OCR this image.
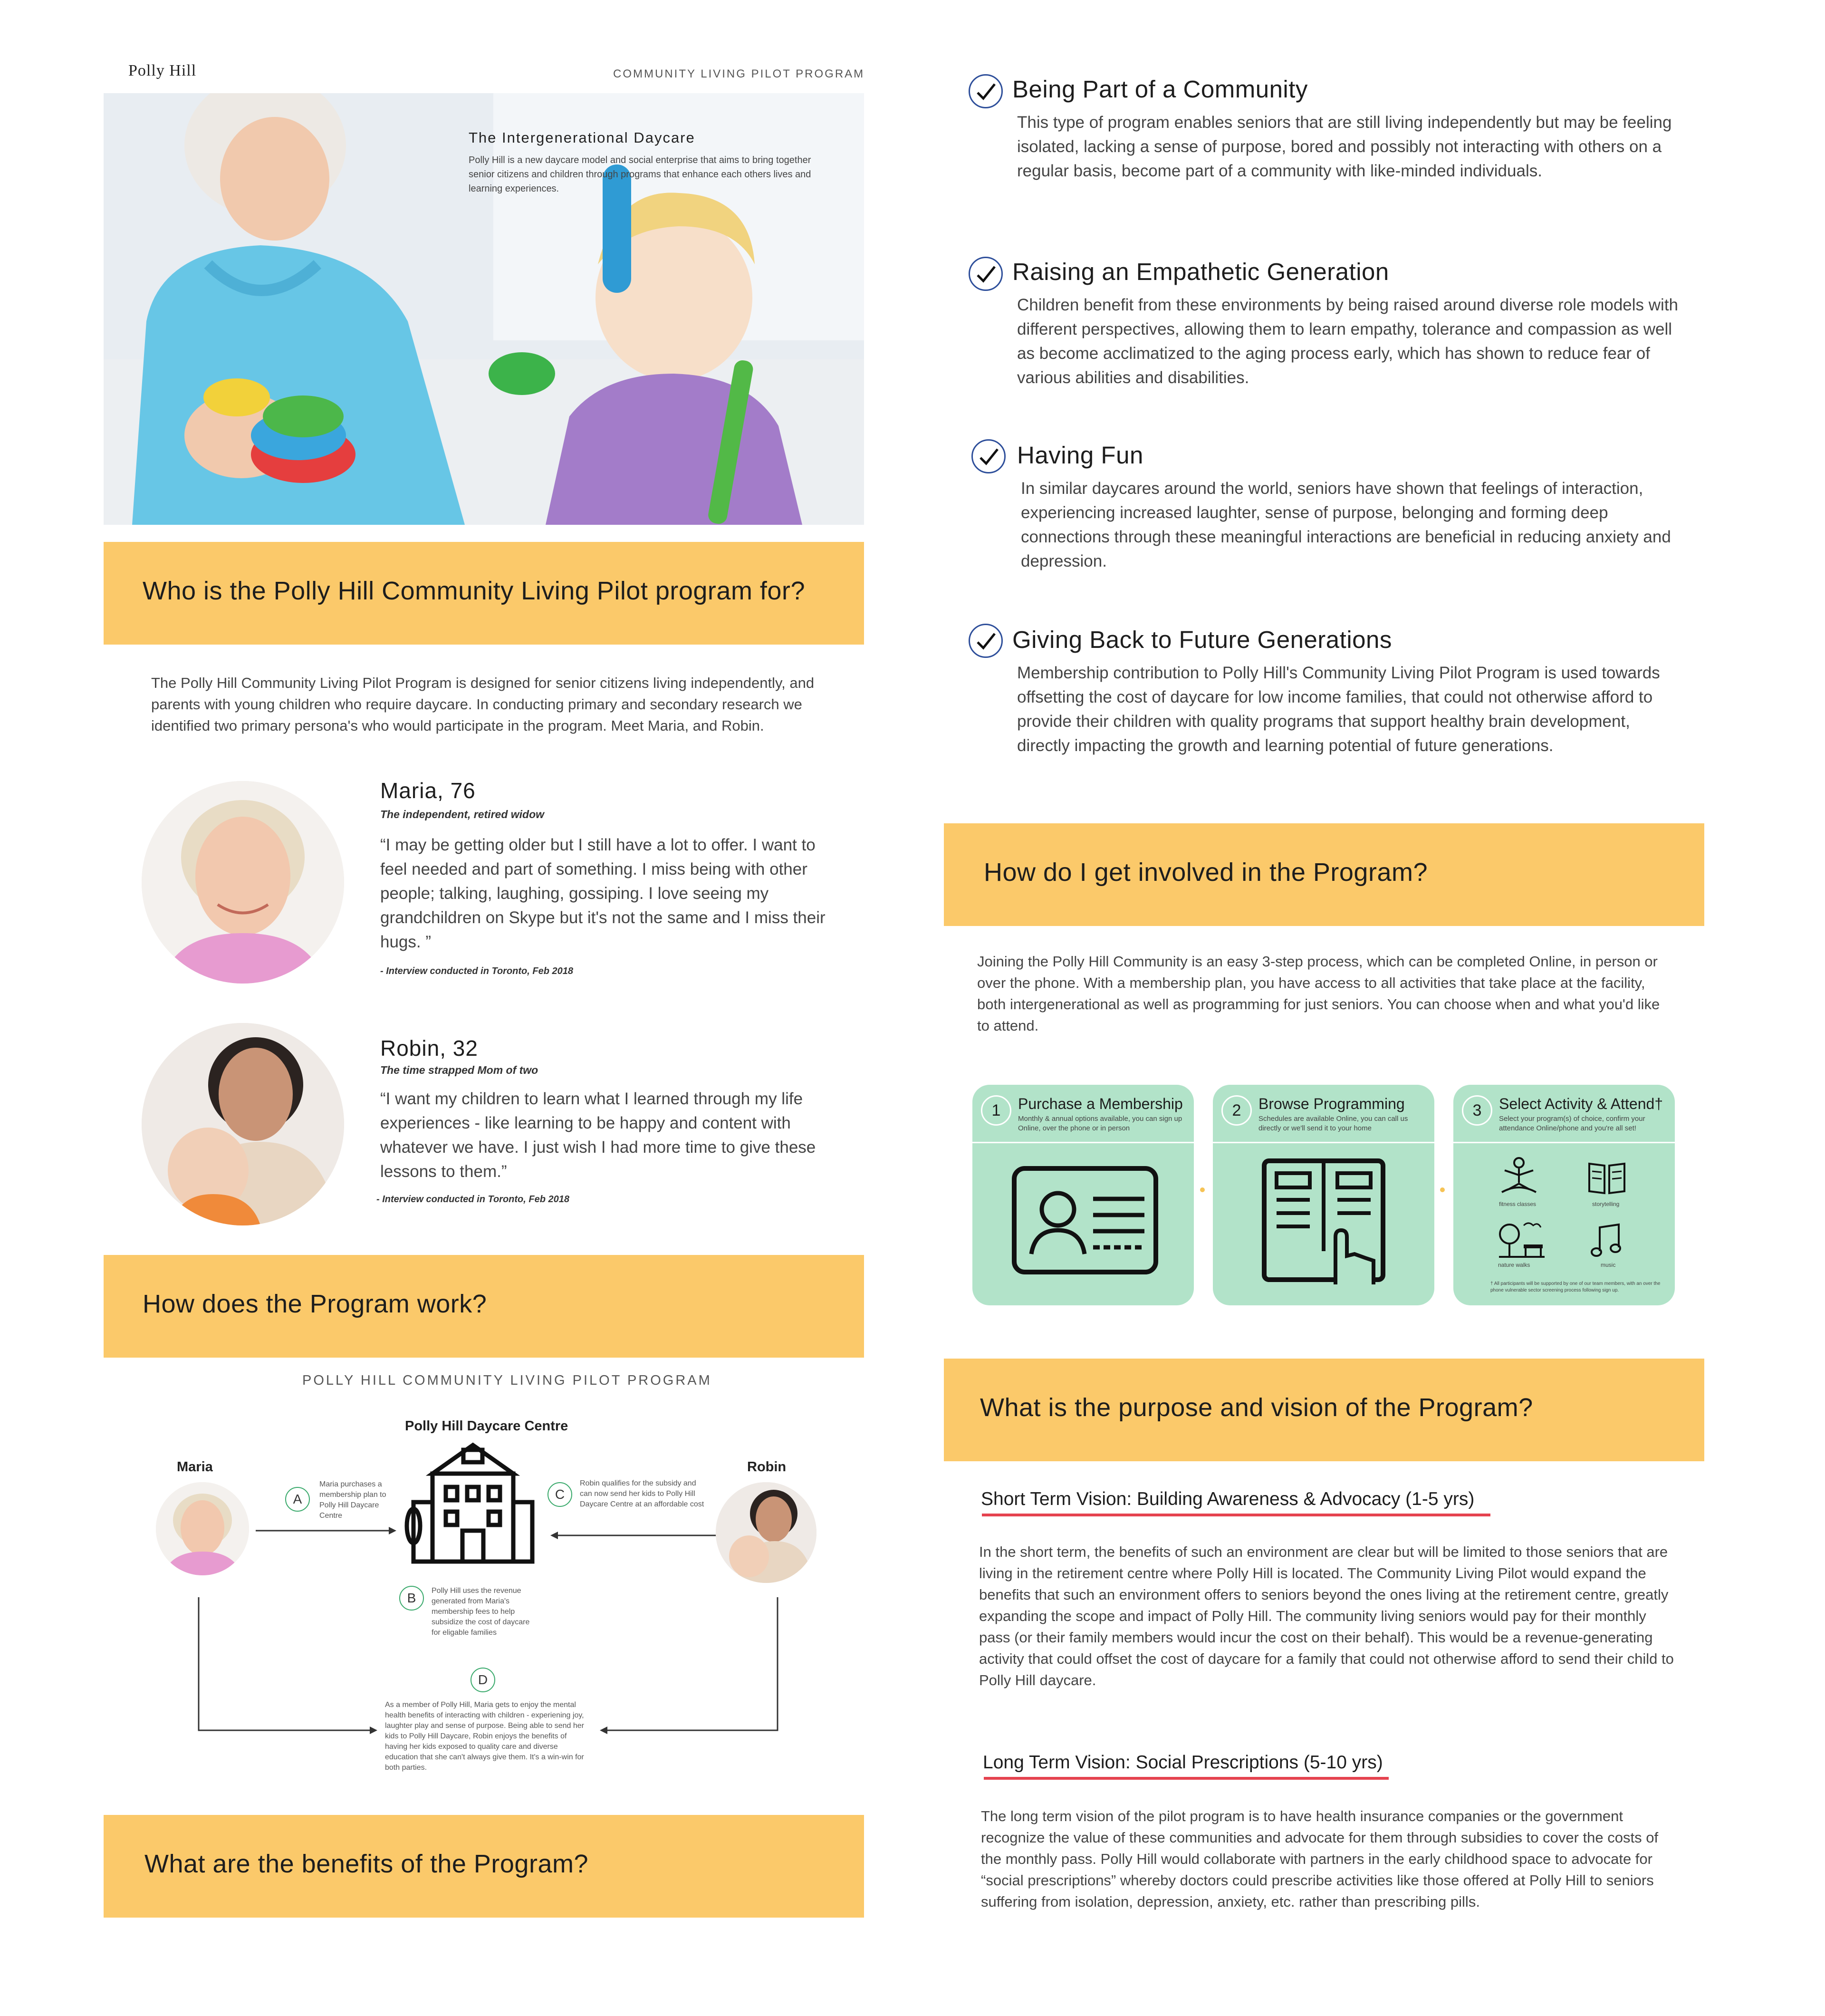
Polly Hill	COMMUNITY LIVING PILOT PROGRAM
The Intergenerational Daycare
Polly Hill is a new daycare model and social enterprise that aims to bring together senior citizens and children through programs that enhance each others lives and learning experiences.
Who is the Polly Hill Community Living Pilot program for?
The Polly Hill Community Living Pilot Program is designed for senior citizens living independently, and parents with young children who require daycare. In conducting primary and secondary research we identified two primary persona's who would participate in the program. Meet Maria, and Robin.
Maria, 76
The independent, retired widow
“I may be getting older but I still have a lot to offer. I want to feel needed and part of something. I miss being with other people; talking, laughing, gossiping. I love seeing my grandchildren on Skype but it's not the same and I miss their hugs. ”
- Interview conducted in Toronto, Feb 2018
Robin, 32
The time strapped Mom of two
“I want my children to learn what I learned through my life experiences - like learning to be happy and content with whatever we have. I just wish I had more time to give these lessons to them.”
- Interview conducted in Toronto, Feb 2018
How does the Program work?
POLLY HILL COMMUNITY LIVING PILOT PROGRAM
Polly Hill Daycare Centre
Maria	Robin
A
Maria purchases a membership plan to Polly Hill Daycare Centre
C
Robin qualifies for the subsidy and can now send her kids to Polly Hill Daycare Centre at an affordable cost
B	Polly Hill uses the revenue generated from Maria's membership fees to help subsidize the cost of daycare for eligable families
D
As a member of Polly Hill, Maria gets to enjoy the mental health benefits of interacting with children - experiening joy, laughter play and sense of purpose. Being able to send her kids to Polly Hill Daycare, Robin enjoys the benefits of having her kids exposed to quality care and diverse education that she can't always give them. It's a win-win for both parties.
What are the benefits of the Program?
Being Part of a Community
This type of program enables seniors that are still living independently but may be feeling isolated, lacking a sense of purpose, bored and possibly not interacting with others on a regular basis, become part of a community with like-minded individuals.
Raising an Empathetic Generation
Children benefit from these environments by being raised around diverse role models with different perspectives, allowing them to learn empathy, tolerance and compassion as well as become acclimatized to the aging process early, which has shown to reduce fear of various abilities and disabilities.
Having Fun
In similar daycares around the world, seniors have shown that feelings of interaction, experiencing increased laughter, sense of purpose, belonging and forming deep connections through these meaningful interactions are beneficial in reducing anxiety and depression.
Giving Back to Future Generations
Membership contribution to Polly Hill's Community Living Pilot Program is used towards offsetting the cost of daycare for low income families, that could not otherwise afford to provide their children with quality programs that support healthy brain development, directly impacting the growth and learning potential of future generations.
How do I get involved in the Program?
Joining the Polly Hill Community is an easy 3-step process, which can be completed Online, in person or over the phone. With a membership plan, you have access to all activities that take place at the facility, both intergenerational as well as programming for just seniors. You can choose when and what you'd like to attend.
1	Purchase a Membership
Monthly & annual options available, you can sign up Online, over the phone or in person
2	Browse Programming
Schedules are available Online, you can call us directly or we'll send it to your home
3	Select Activity & Attend†
Select your program(s) of choice, confirm your attendance Online/phone and you're all set!
fitness classes	storytelling
nature walks	music
† All participants will be supported by one of our team members, with an over the phone vulnerable sector screening process following sign up.
What is the purpose and vision of the Program?
Short Term Vision: Building Awareness & Advocacy (1-5 yrs)
In the short term, the benefits of such an environment are clear but will be limited to those seniors that are living in the retirement centre where Polly Hill is located. The Community Living Pilot would expand the benefits that such an environment offers to seniors beyond the ones living at the retirement centre, greatly expanding the scope and impact of Polly Hill. The community living seniors would pay for their monthly pass (or their family members would incur the cost on their behalf). This would be a revenue-generating activity that could offset the cost of daycare for a family that could not otherwise afford to send their child to Polly Hill daycare.
Long Term Vision: Social Prescriptions (5-10 yrs)
The long term vision of the pilot program is to have health insurance companies or the government recognize the value of these communities and advocate for them through subsidies to cover the costs of the monthly pass. Polly Hill would collaborate with partners in the early childhood space to advocate for “social prescriptions” whereby doctors could prescribe activities like those offered at Polly Hill to seniors suffering from isolation, depression, anxiety, etc. rather than prescribing pills.
